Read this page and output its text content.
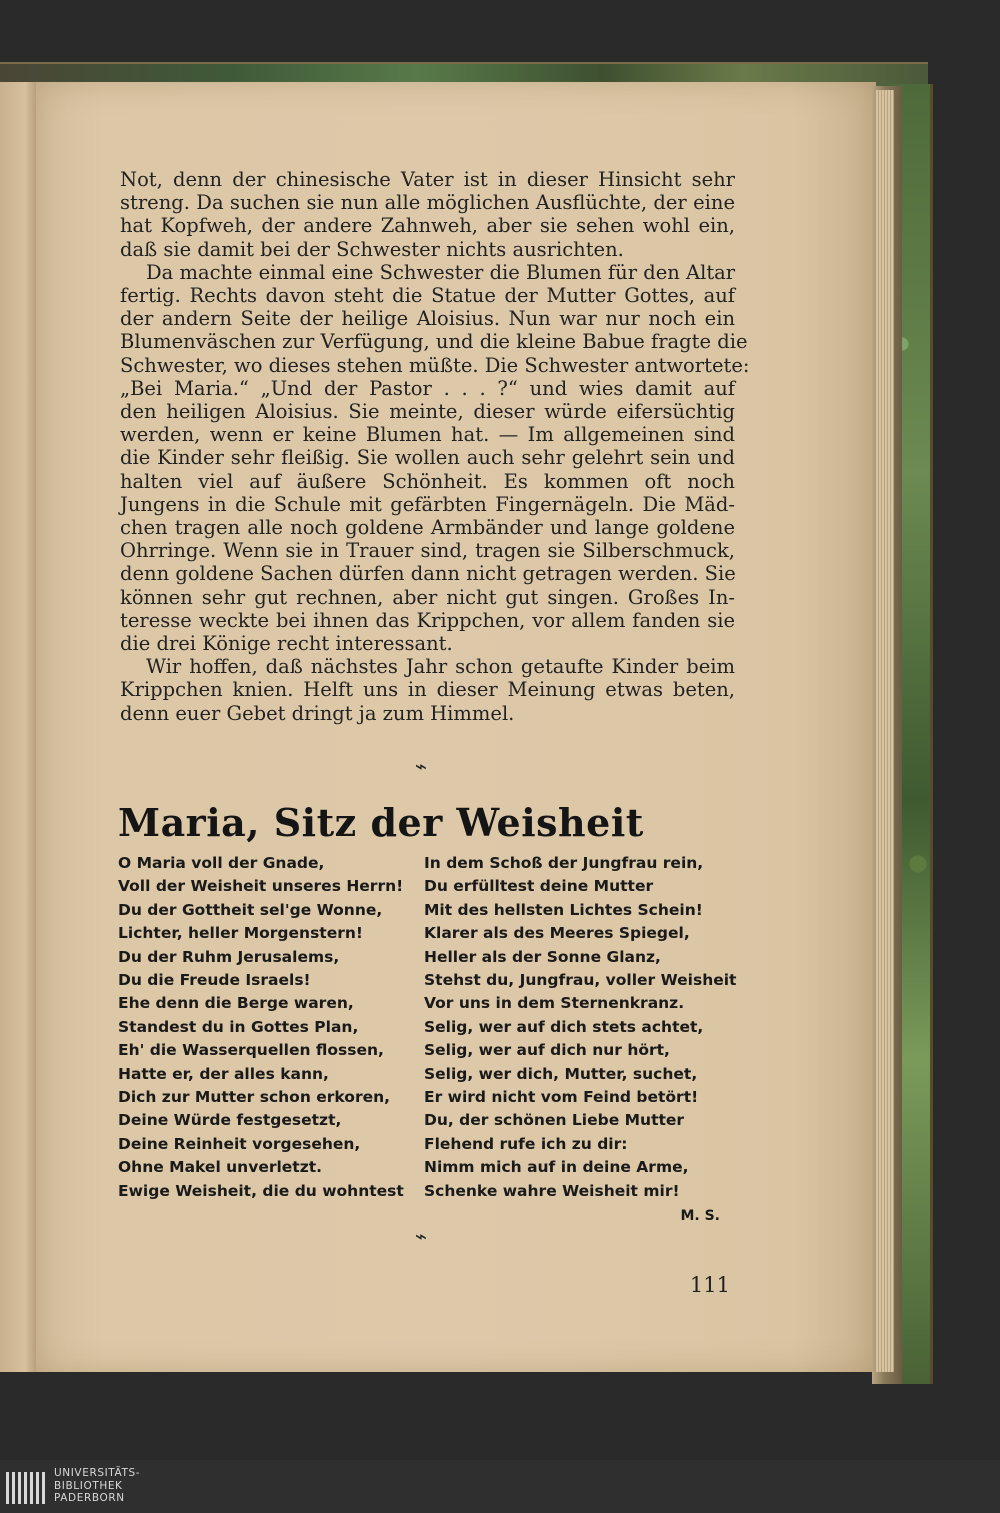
Not, denn der chinesische Vater ist in dieser Hinsicht sehr
streng. Da suchen sie nun alle möglichen Ausflüchte, der eine
hat Kopfweh, der andere Zahnweh, aber sie sehen wohl ein,
daß sie damit bei der Schwester nichts ausrichten.
Da machte einmal eine Schwester die Blumen für den Altar
fertig. Rechts davon steht die Statue der Mutter Gottes, auf
der andern Seite der heilige Aloisius. Nun war nur noch ein
Blumenväschen zur Verfügung, und die kleine Babue fragte die
Schwester, wo dieses stehen müßte. Die Schwester antwortete:
„Bei Maria.“ „Und der Pastor . . . ?“ und wies damit auf
den heiligen Aloisius. Sie meinte, dieser würde eifersüchtig
werden, wenn er keine Blumen hat. — Im allgemeinen sind
die Kinder sehr fleißig. Sie wollen auch sehr gelehrt sein und
halten viel auf äußere Schönheit. Es kommen oft noch
Jungens in die Schule mit gefärbten Fingernägeln. Die Mäd-
chen tragen alle noch goldene Armbänder und lange goldene
Ohrringe. Wenn sie in Trauer sind, tragen sie Silberschmuck,
denn goldene Sachen dürfen dann nicht getragen werden. Sie
können sehr gut rechnen, aber nicht gut singen. Großes In-
teresse weckte bei ihnen das Krippchen, vor allem fanden sie
die drei Könige recht interessant.
Wir hoffen, daß nächstes Jahr schon getaufte Kinder beim
Krippchen knien. Helft uns in dieser Meinung etwas beten,
denn euer Gebet dringt ja zum Himmel.
⌁
Maria, Sitz der Weisheit
O Maria voll der Gnade,
Voll der Weisheit unseres Herrn!
Du der Gottheit sel'ge Wonne,
Lichter, heller Morgenstern!
Du der Ruhm Jerusalems,
Du die Freude Israels!
Ehe denn die Berge waren,
Standest du in Gottes Plan,
Eh' die Wasserquellen flossen,
Hatte er, der alles kann,
Dich zur Mutter schon erkoren,
Deine Würde festgesetzt,
Deine Reinheit vorgesehen,
Ohne Makel unverletzt.
Ewige Weisheit, die du wohntest
In dem Schoß der Jungfrau rein,
Du erfülltest deine Mutter
Mit des hellsten Lichtes Schein!
Klarer als des Meeres Spiegel,
Heller als der Sonne Glanz,
Stehst du, Jungfrau, voller Weisheit
Vor uns in dem Sternenkranz.
Selig, wer auf dich stets achtet,
Selig, wer auf dich nur hört,
Selig, wer dich, Mutter, suchet,
Er wird nicht vom Feind betört!
Du, der schönen Liebe Mutter
Flehend rufe ich zu dir:
Nimm mich auf in deine Arme,
Schenke wahre Weisheit mir!
M. S.
⌁
111
UNIVERSITÄTS-
BIBLIOTHEK
PADERBORN
